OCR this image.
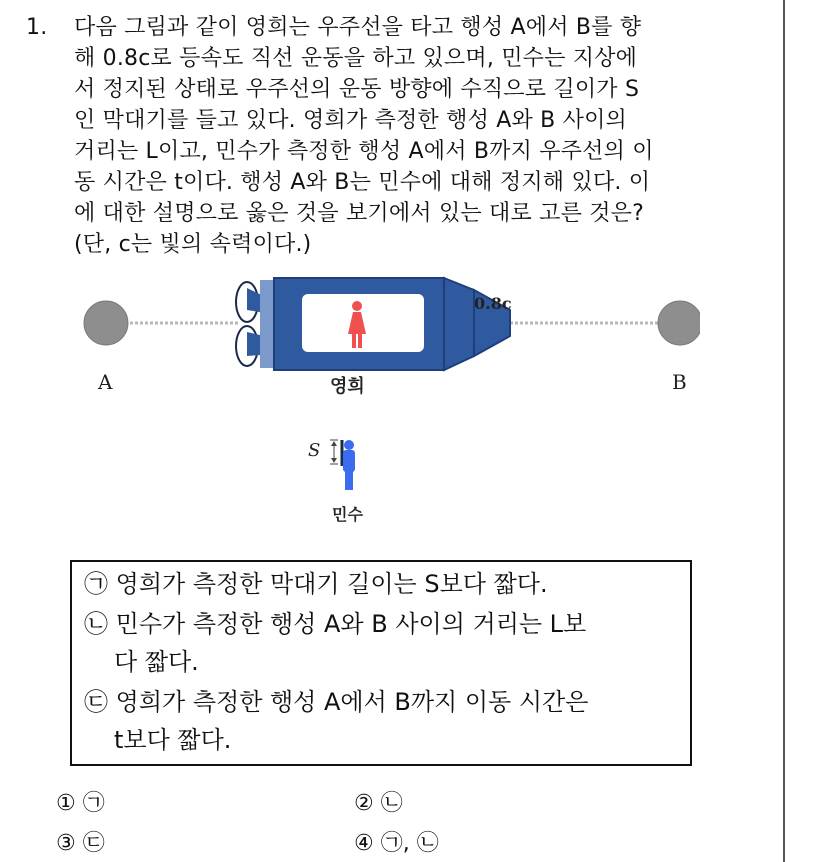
1. 다음 그림과 같이 영희는 우주선을 타고 행성 A에서 B를 향
해 0.8c로 등속도 직선 운동을 하고 있으며, 민수는 지상에
서 정지된 상태로 우주선의 운동 방향에 수직으로 길이가 S
인 막대기를 들고 있다. 영희가 측정한 행성 A와 B 사이의
거리는 L이고, 민수가 측정한 행성 A에서 B까지 우주선의 이
동 시간은 t이다. 행성 A와 B는 민수에 대해 정지해 있다. 이
에 대한 설명으로 옳은 것을 보기에서 있는 대로 고른 것은?
(단, c는 빛의 속력이다.)
A	B
영희
0.8c
S
민수
㉠ 영희가 측정한 막대기 길이는 S보다 짧다.
㉡ 민수가 측정한 행성 A와 B 사이의 거리는 L보
다 짧다.
㉢ 영희가 측정한 행성 A에서 B까지 이동 시간은
t보다 짧다.
① ㉠	② ㉡
③ ㉢	④ ㉠, ㉡
